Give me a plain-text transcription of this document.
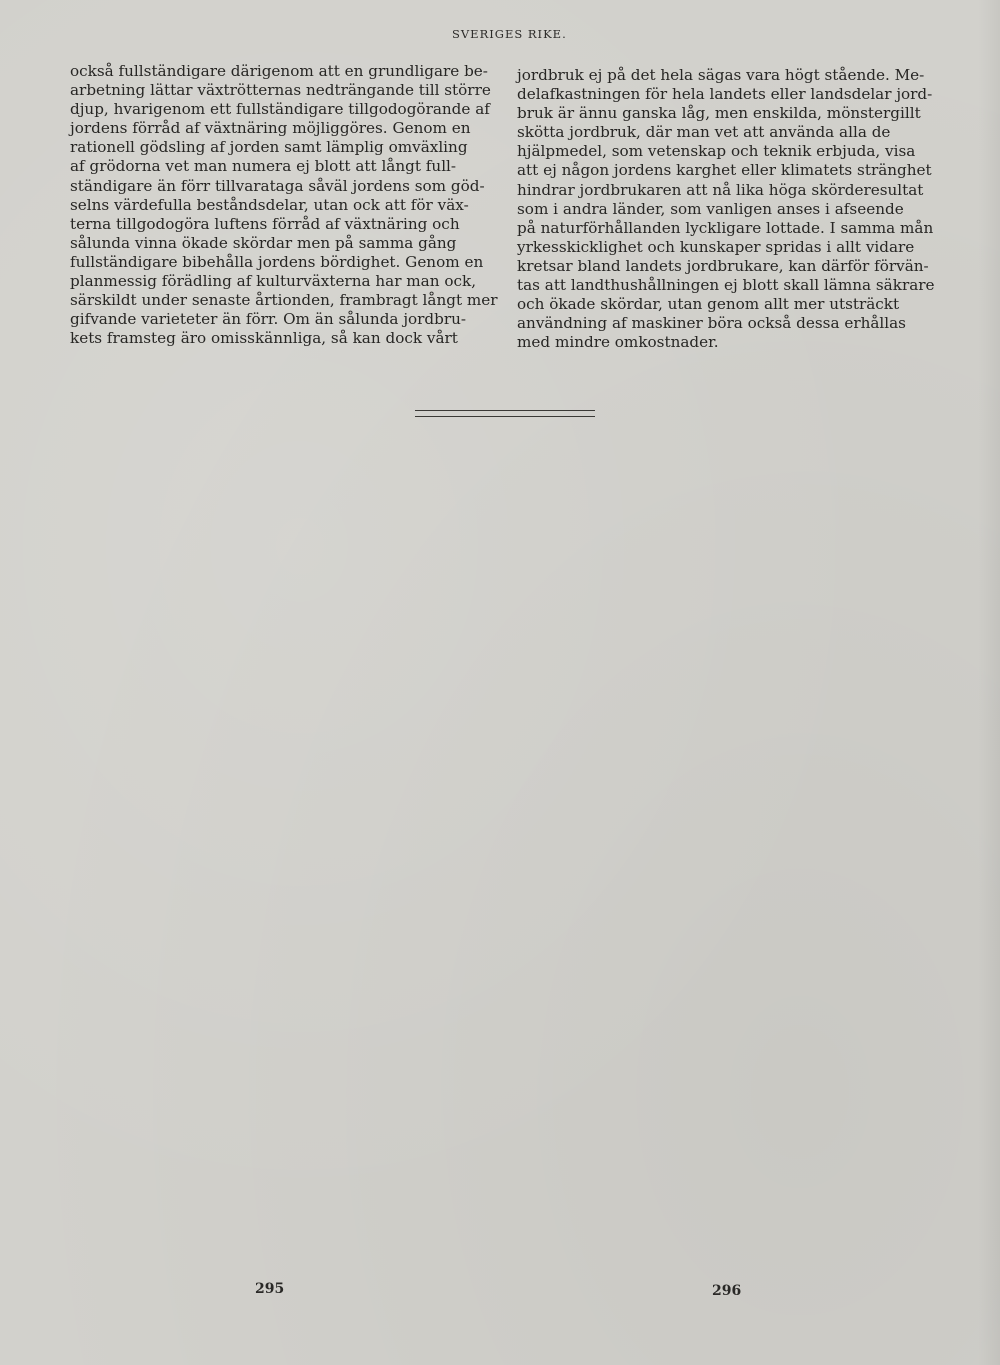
SVERIGES RIKE.
också fullständigare därigenom att en grundligare be-
arbetning lättar växtrötternas nedträngande till större
djup, hvarigenom ett fullständigare tillgodogörande af
jordens förråd af växtnäring möjliggöres. Genom en
rationell gödsling af jorden samt lämplig omväxling
af grödorna vet man numera ej blott att långt full-
ständigare än förr tillvaratagа såväl jordens som göd-
selns värdefulla beståndsdelar, utan ock att för väx-
terna tillgodogöra luftens förråd af växtnäring och
sålunda vinna ökade skördar men på samma gång
fullständigare bibehålla jordens bördighet. Genom en
planmessig förädling af kulturväxterna har man ock,
särskildt under senaste årtionden, frambragt långt mer
gifvande varieteter än förr. Om än sålunda jordbru-
kets framsteg äro omisskännliga, så kan dock vårt
jordbruk ej på det hela sägas vara högt stående. Me-
delafkastningen för hela landets eller landsdelar jord-
bruk är ännu ganska låg, men enskilda, mönstergillt
skötta jordbruk, där man vet att använda alla de
hjälpmedel, som vetenskap och teknik erbjuda, visa
att ej någon jordens karghet eller klimatets stränghet
hindrar jordbrukaren att nå lika höga skörderesultat
som i andra länder, som vanligen anses i afseende
på naturförhållanden lyckligare lottade. I samma mån
yrkesskicklighet och kunskaper spridas i allt vidare
kretsar bland landets jordbrukare, kan därför förvän-
tas att landthushållningen ej blott skall lämna säkrare
och ökade skördar, utan genom allt mer utsträckt
användning af maskiner böra också dessa erhållas
med mindre omkostnader.
295	296
